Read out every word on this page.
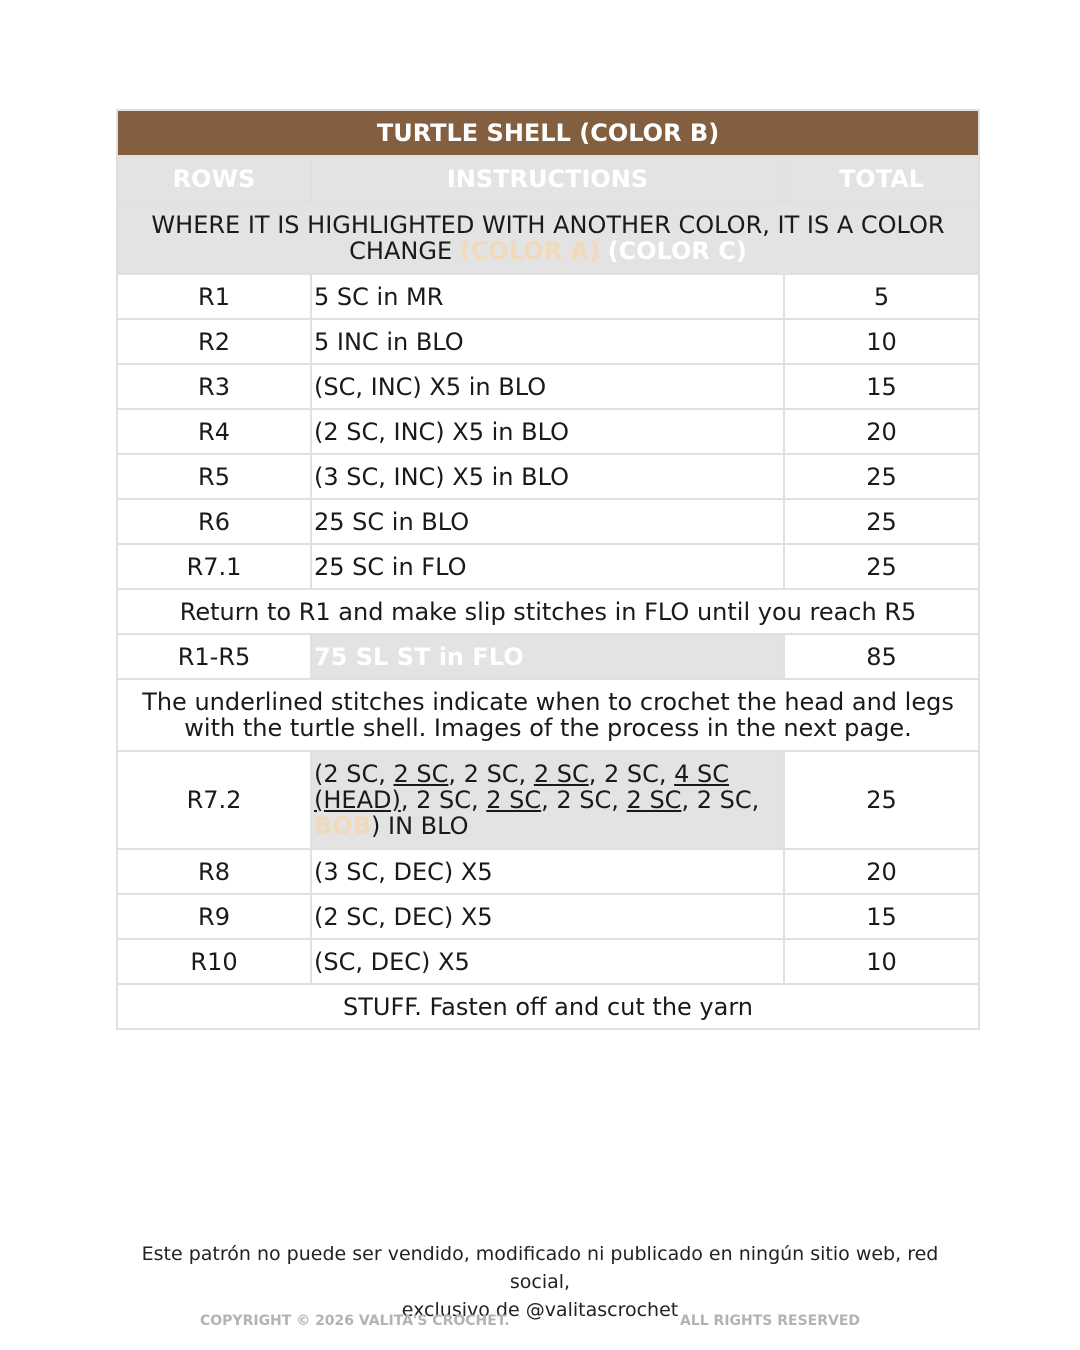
TURTLE SHELL (COLOR B)		
ROWS	INSTRUCTIONS	TOTAL
WHERE IT IS HIGHLIGHTED WITH ANOTHER COLOR, IT IS A COLOR CHANGE (COLOR A) (COLOR C)		
R1	5 SC in MR	5
R2	5 INC in BLO	10
R3	(SC, INC) X5 in BLO	15
R4	(2 SC, INC) X5 in BLO	20
R5	(3 SC, INC) X5 in BLO	25
R6	25 SC in BLO	25
R7.1	25 SC in FLO	25
Return to R1 and make slip stitches in FLO until you reach R5		
R1-R5	75 SL ST in FLO	85
The underlined stitches indicate when to crochet the head and legs with the turtle shell. Images of the process in the next page.		
R7.2	(2 SC, 2 SC, 2 SC, 2 SC, 2 SC, 4 SC (HEAD), 2 SC, 2 SC, 2 SC, 2 SC, 2 SC, BOB) IN BLO	25
R8	(3 SC, DEC) X5	20
R9	(2 SC, DEC) X5	15
R10	(SC, DEC) X5	10
STUFF. Fasten off and cut the yarn		
Este patrón no puede ser vendido, modificado ni publicado en ningún sitio web, red social,
exclusivo de @valitascrochet
COPYRIGHT © 2026 VALITA'S CROCHET.	ALL RIGHTS RESERVED
